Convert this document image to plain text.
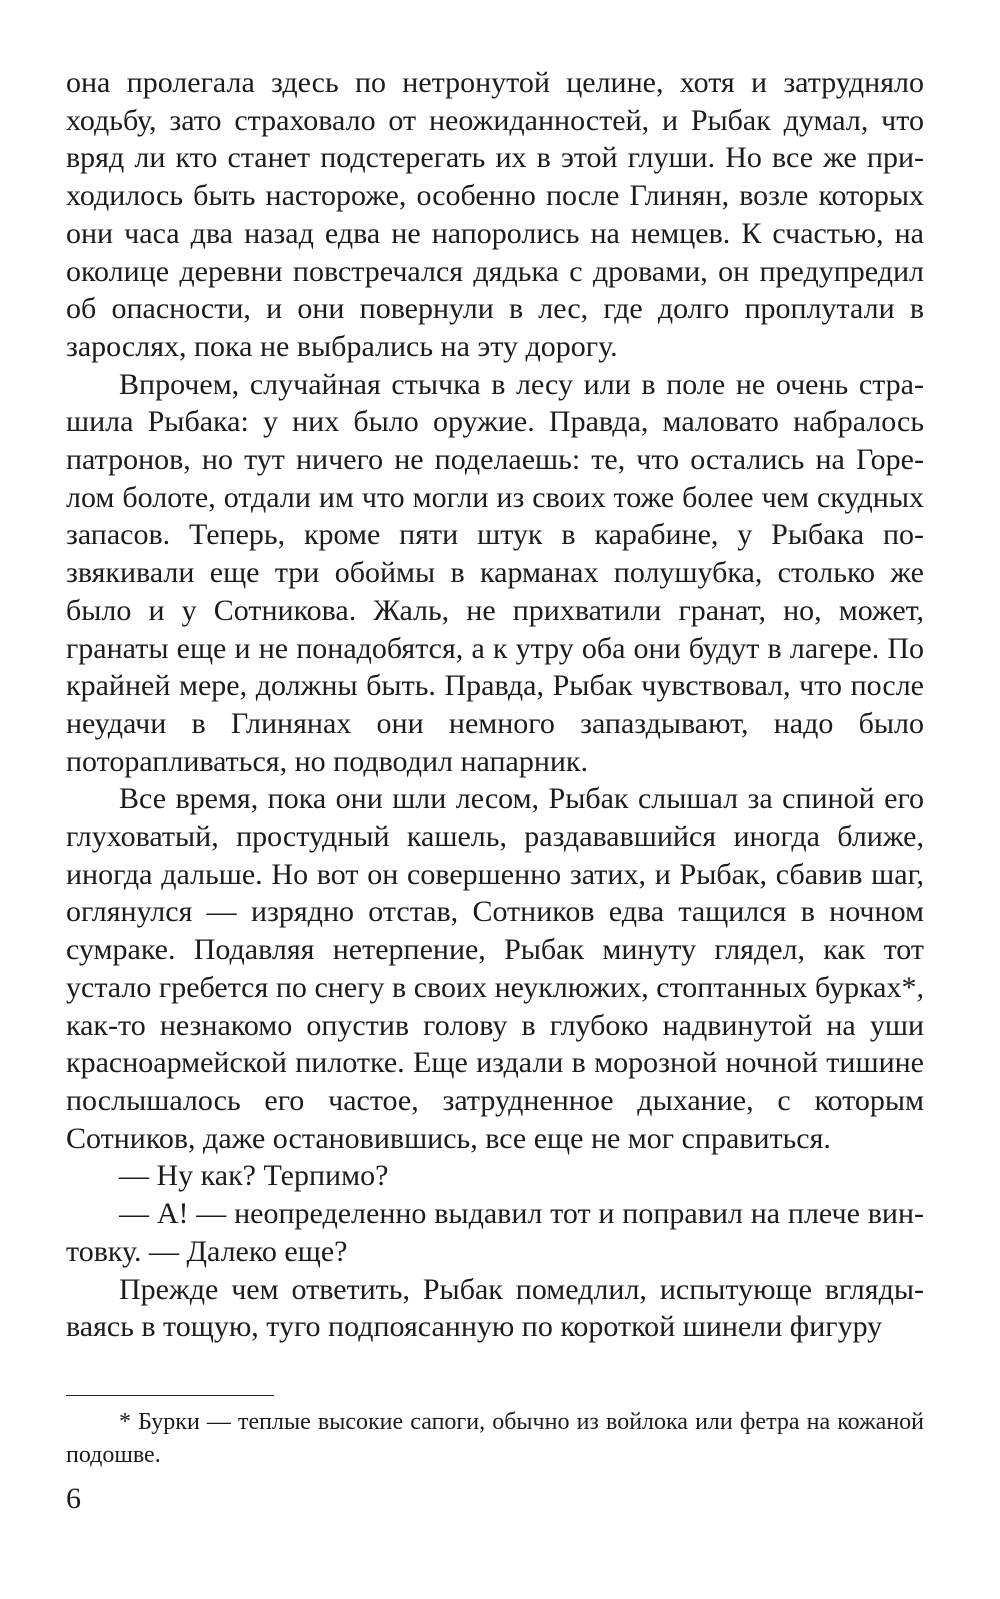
она пролегала здесь по нетронутой целине, хотя и затрудняло ходьбу, зато страховало от неожиданностей, и Рыбак думал, что вряд ли кто станет подстерегать их в этой глуши. Но все же приходилось быть настороже, особенно после Глинян, возле которых они часа два назад едва не напоролись на немцев. К счастью, на околице деревни повстречался дядька с дровами, он предупредил об опасности, и они повернули в лес, где долго проплутали в зарослях, пока не выбрались на эту дорогу.

Впрочем, случайная стычка в лесу или в поле не очень страшила Рыбака: у них было оружие. Правда, маловато набралось патронов, но тут ничего не поделаешь: те, что остались на Горелом болоте, отдали им что могли из своих тоже более чем скудных запасов. Теперь, кроме пяти штук в карабине, у Рыбака позвякивали еще три обоймы в карманах полушубка, столько же было и у Сотникова. Жаль, не прихватили гранат, но, может, гранаты еще и не понадобятся, а к утру оба они будут в лагере. По крайней мере, должны быть. Правда, Рыбак чувствовал, что после неудачи в Глинянах они немного запаздывают, надо было поторапливаться, но подводил напарник.

Все время, пока они шли лесом, Рыбак слышал за спиной его глуховатый, простудный кашель, раздававшийся иногда ближе, иногда дальше. Но вот он совершенно затих, и Рыбак, сбавив шаг, оглянулся — изрядно отстав, Сотников едва тащился в ночном сумраке. Подавляя нетерпение, Рыбак минуту глядел, как тот устало гребется по снегу в своих неуклюжих, стоптанных бурках*, как-то незнакомо опустив голову в глубоко надвинутой на уши красноармейской пилотке. Еще издали в морозной ночной тишине послышалось его частое, затрудненное дыхание, с которым Сотников, даже остановившись, все еще не мог справиться.

— Ну как? Терпимо?

— А! — неопределенно выдавил тот и поправил на плече винтовку. — Далеко еще?

Прежде чем ответить, Рыбак помедлил, испытующе вглядываясь в тощую, туго подпоясанную по короткой шинели фигуру

* Бурки — теплые высокие сапоги, обычно из войлока или фетра на кожаной подошве.

6
